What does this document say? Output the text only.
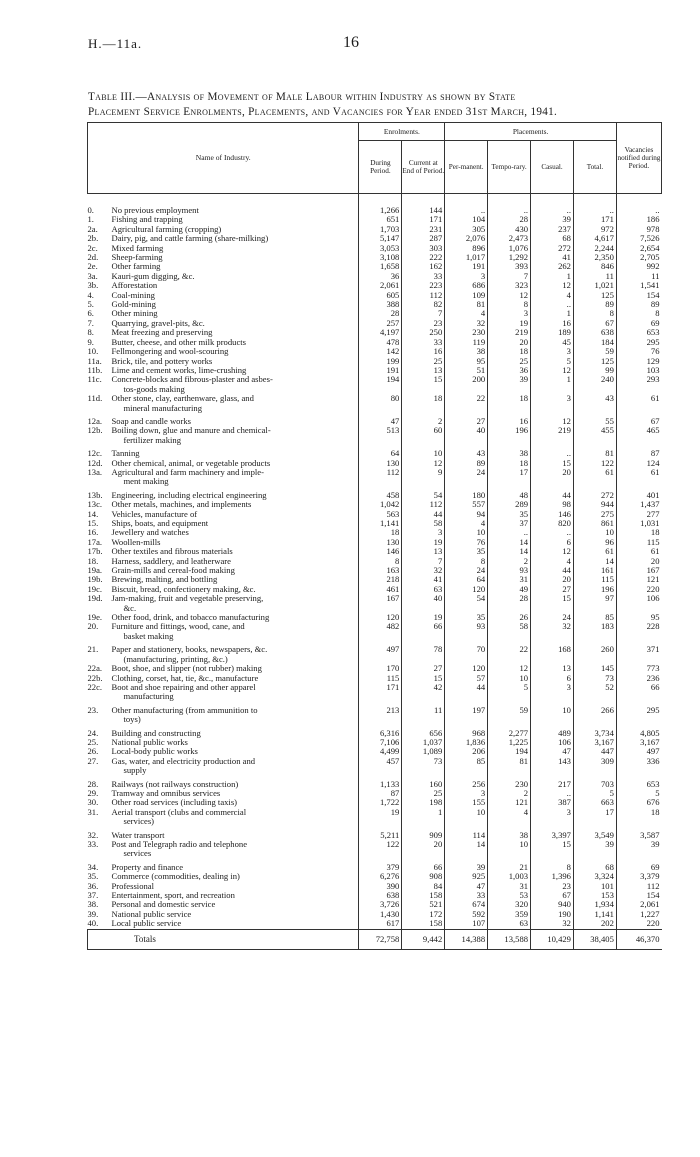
H.—11a.	16

Table III.—Analysis of Movement of Male Labour within Industry as shown by State

Placement Service Enrolments, Placements, and Vacancies for Year ended 31st March, 1941.

Name of Industry.	Enrolments.		Placements.				Vacancies notified during Period.
	During Period.	Current at End of Period.	Per-manent.	Tempo-rary.	Casual.	Total.	

0. No previous employment	1,266	144	..	..	..	..	..

1. Fishing and trapping	651	171	104	28	39	171	186

2a. Agricultural farming (cropping)	1,703	231	305	430	237	972	978

2b. Dairy, pig, and cattle farming (share-milking)	5,147	287	2,076	2,473	68	4,617	7,526

2c. Mixed farming	3,053	303	896	1,076	272	2,244	2,654

2d. Sheep-farming	3,108	222	1,017	1,292	41	2,350	2,705

2e. Other farming	1,658	162	191	393	262	846	992

3a. Kauri-gum digging, &c.	36	33	3	7	1	11	11

3b. Afforestation	2,061	223	686	323	12	1,021	1,541

4. Coal-mining	605	112	109	12	4	125	154

5. Gold-mining	388	82	81	8	..	89	89

6. Other mining	28	7	4	3	1	8	8

7. Quarrying, gravel-pits, &c.	257	23	32	19	16	67	69

8. Meat freezing and preserving	4,197	250	230	219	189	638	653

9. Butter, cheese, and other milk products	478	33	119	20	45	184	295

10. Fellmongering and wool-scouring	142	16	38	18	3	59	76

11a. Brick, tile, and pottery works	199	25	95	25	5	125	129

11b. Lime and cement works, lime-crushing	191	13	51	36	12	99	103

11c. Concrete-blocks and fibrous-plaster and asbes-
tos-goods making	194	15	200	39	1	240	293

11d. Other stone, clay, earthenware, glass, and
mineral manufacturing	80	18	22	18	3	43	61

12a. Soap and candle works	47	2	27	16	12	55	67

12b. Boiling down, glue and manure and chemical-
fertilizer making	513	60	40	196	219	455	465

12c. Tanning	64	10	43	38	..	81	87

12d. Other chemical, animal, or vegetable products	130	12	89	18	15	122	124

13a. Agricultural and farm machinery and imple-
ment making	112	9	24	17	20	61	61

13b. Engineering, including electrical engineering	458	54	180	48	44	272	401

13c. Other metals, machines, and implements	1,042	112	557	289	98	944	1,437

14. Vehicles, manufacture of	563	44	94	35	146	275	277

15. Ships, boats, and equipment	1,141	58	4	37	820	861	1,031

16. Jewellery and watches	18	3	10	..	..	10	18

17a. Woollen-mills	130	19	76	14	6	96	115

17b. Other textiles and fibrous materials	146	13	35	14	12	61	61

18. Harness, saddlery, and leatherware	8	7	8	2	4	14	20

19a. Grain-mills and cereal-food making	163	32	24	93	44	161	167

19b. Brewing, malting, and bottling	218	41	64	31	20	115	121

19c. Biscuit, bread, confectionery making, &c.	461	63	120	49	27	196	220

19d. Jam-making, fruit and vegetable preserving,
&c.	167	40	54	28	15	97	106

19e. Other food, drink, and tobacco manufacturing	120	19	35	26	24	85	95

20. Furniture and fittings, wood, cane, and
basket making	482	66	93	58	32	183	228

21. Paper and stationery, books, newspapers, &c.
(manufacturing, printing, &c.)	497	78	70	22	168	260	371

22a. Boot, shoe, and slipper (not rubber) making	170	27	120	12	13	145	773

22b. Clothing, corset, hat, tie, &c., manufacture	115	15	57	10	6	73	236

22c. Boot and shoe repairing and other apparel
manufacturing	171	42	44	5	3	52	66

23. Other manufacturing (from ammunition to
toys)	213	11	197	59	10	266	295

24. Building and constructing	6,316	656	968	2,277	489	3,734	4,805

25. National public works	7,106	1,037	1,836	1,225	106	3,167	3,167

26. Local-body public works	4,499	1,089	206	194	47	447	497

27. Gas, water, and electricity production and
supply	457	73	85	81	143	309	336

28. Railways (not railways construction)	1,133	160	256	230	217	703	653

29. Tramway and omnibus services	87	25	3	2	..	5	5

30. Other road services (including taxis)	1,722	198	155	121	387	663	676

31. Aerial transport (clubs and commercial
services)	19	1	10	4	3	17	18

32. Water transport	5,211	909	114	38	3,397	3,549	3,587

33. Post and Telegraph radio and telephone
services	122	20	14	10	15	39	39

34. Property and finance	379	66	39	21	8	68	69

35. Commerce (commodities, dealing in)	6,276	908	925	1,003	1,396	3,324	3,379

36. Professional	390	84	47	31	23	101	112

37. Entertainment, sport, and recreation	638	158	33	53	67	153	154

38. Personal and domestic service	3,726	521	674	320	940	1,934	2,061

39. National public service	1,430	172	592	359	190	1,141	1,227

40. Local public service	617	158	107	63	32	202	220
Totals	72,758	9,442	14,388	13,588	10,429	38,405	46,370
